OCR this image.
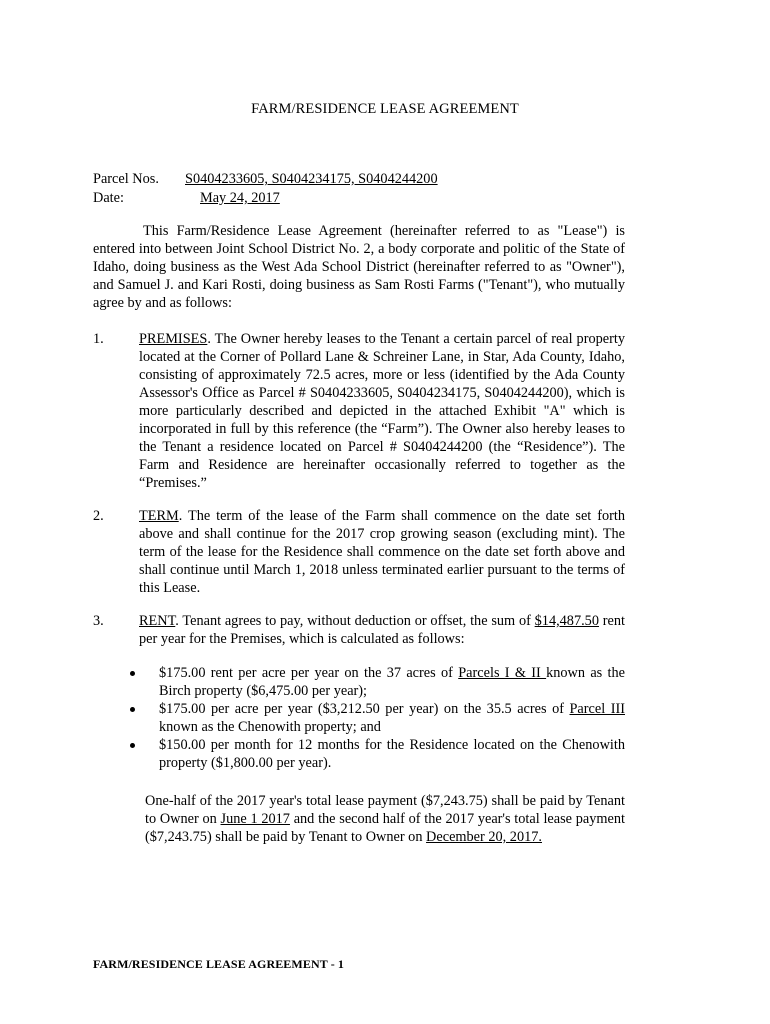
FARM/RESIDENCE LEASE AGREEMENT
Parcel Nos. S0404233605, S0404234175, S0404244200
Date:	May 24, 2017
This Farm/Residence Lease Agreement (hereinafter referred to as "Lease") is entered into between Joint School District No. 2, a body corporate and politic of the State of Idaho, doing business as the West Ada School District (hereinafter referred to as "Owner"), and Samuel J. and Kari Rosti, doing business as Sam Rosti Farms ("Tenant"), who mutually agree by and as follows:
1. PREMISES. The Owner hereby leases to the Tenant a certain parcel of real property located at the Corner of Pollard Lane & Schreiner Lane, in Star, Ada County, Idaho, consisting of approximately 72.5 acres, more or less (identified by the Ada County Assessor's Office as Parcel # S0404233605, S0404234175, S0404244200), which is more particularly described and depicted in the attached Exhibit "A" which is incorporated in full by this reference (the “Farm”). The Owner also hereby leases to the Tenant a residence located on Parcel # S0404244200 (the “Residence”). The Farm and Residence are hereinafter occasionally referred to together as the “Premises.”
2. TERM. The term of the lease of the Farm shall commence on the date set forth above and shall continue for the 2017 crop growing season (excluding mint). The term of the lease for the Residence shall commence on the date set forth above and shall continue until March 1, 2018 unless terminated earlier pursuant to the terms of this Lease.
3. RENT. Tenant agrees to pay, without deduction or offset, the sum of $14,487.50 rent per year for the Premises, which is calculated as follows:
$175.00 rent per acre per year on the 37 acres of Parcels I & II known as the Birch property ($6,475.00 per year);
$175.00 per acre per year ($3,212.50 per year) on the 35.5 acres of Parcel III known as the Chenowith property; and
$150.00 per month for 12 months for the Residence located on the Chenowith property ($1,800.00 per year).
One-half of the 2017 year's total lease payment ($7,243.75) shall be paid by Tenant to Owner on June 1 2017 and the second half of the 2017 year's total lease payment ($7,243.75) shall be paid by Tenant to Owner on December 20, 2017.
FARM/RESIDENCE LEASE AGREEMENT - 1
